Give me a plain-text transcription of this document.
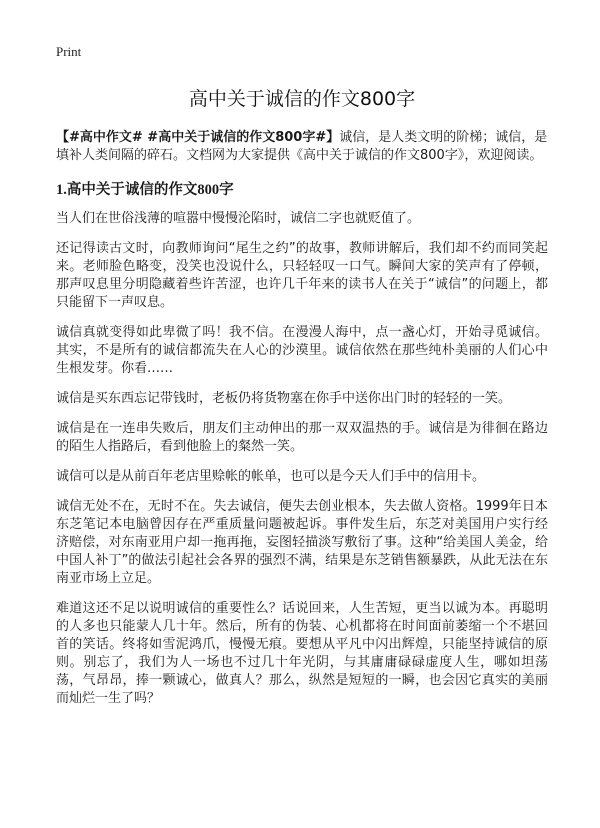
Print
高中关于诚信的作文800字

【#高中作文# #高中关于诚信的作文800字#】诚信，是人类文明的阶梯；诚信，是填补人类间隔的碎石。文档网为大家提供《高中关于诚信的作文800字》，欢迎阅读。

1.高中关于诚信的作文800字

当人们在世俗浅薄的喧嚣中慢慢沦陷时，诚信二字也就贬值了。

还记得读古文时，向教师询问“尾生之约”的故事，教师讲解后，我们却不约而同笑起来。老师脸色略变，没笑也没说什么，只轻轻叹一口气。瞬间大家的笑声有了停顿，那声叹息里分明隐藏着些许苦涩，也许几千年来的读书人在关于“诚信”的问题上，都只能留下一声叹息。

诚信真就变得如此卑微了吗！我不信。在漫漫人海中，点一盏心灯，开始寻觅诚信。其实，不是所有的诚信都流失在人心的沙漠里。诚信依然在那些纯朴美丽的人们心中生根发芽。你看……

诚信是买东西忘记带钱时，老板仍将货物塞在你手中送你出门时的轻轻的一笑。

诚信是在一连串失败后，朋友们主动伸出的那一双双温热的手。诚信是为徘徊在路边的陌生人指路后，看到他脸上的粲然一笑。

诚信可以是从前百年老店里赊帐的帐单，也可以是今天人们手中的信用卡。

诚信无处不在，无时不在。失去诚信，便失去创业根本，失去做人资格。1999年日本东芝笔记本电脑曾因存在严重质量问题被起诉。事件发生后，东芝对美国用户实行经济赔偿，对东南亚用户却一拖再拖，妄图轻描淡写敷衍了事。这种“给美国人美金，给中国人补丁”的做法引起社会各界的强烈不满，结果是东芝销售额暴跌，从此无法在东南亚市场上立足。

难道这还不足以说明诚信的重要性么？话说回来，人生苦短，更当以诚为本。再聪明的人多也只能蒙人几十年。然后，所有的伪装、心机都将在时间面前萎缩一个不堪回首的笑话。终将如雪泥鸿爪，慢慢无痕。要想从平凡中闪出辉煌，只能坚持诚信的原则。别忘了，我们为人一场也不过几十年光阴，与其庸庸碌碌虚度人生，哪如坦荡荡，气昂昂，捧一颗诚心，做真人？那么，纵然是短短的一瞬，也会因它真实的美丽而灿烂一生了吗？
